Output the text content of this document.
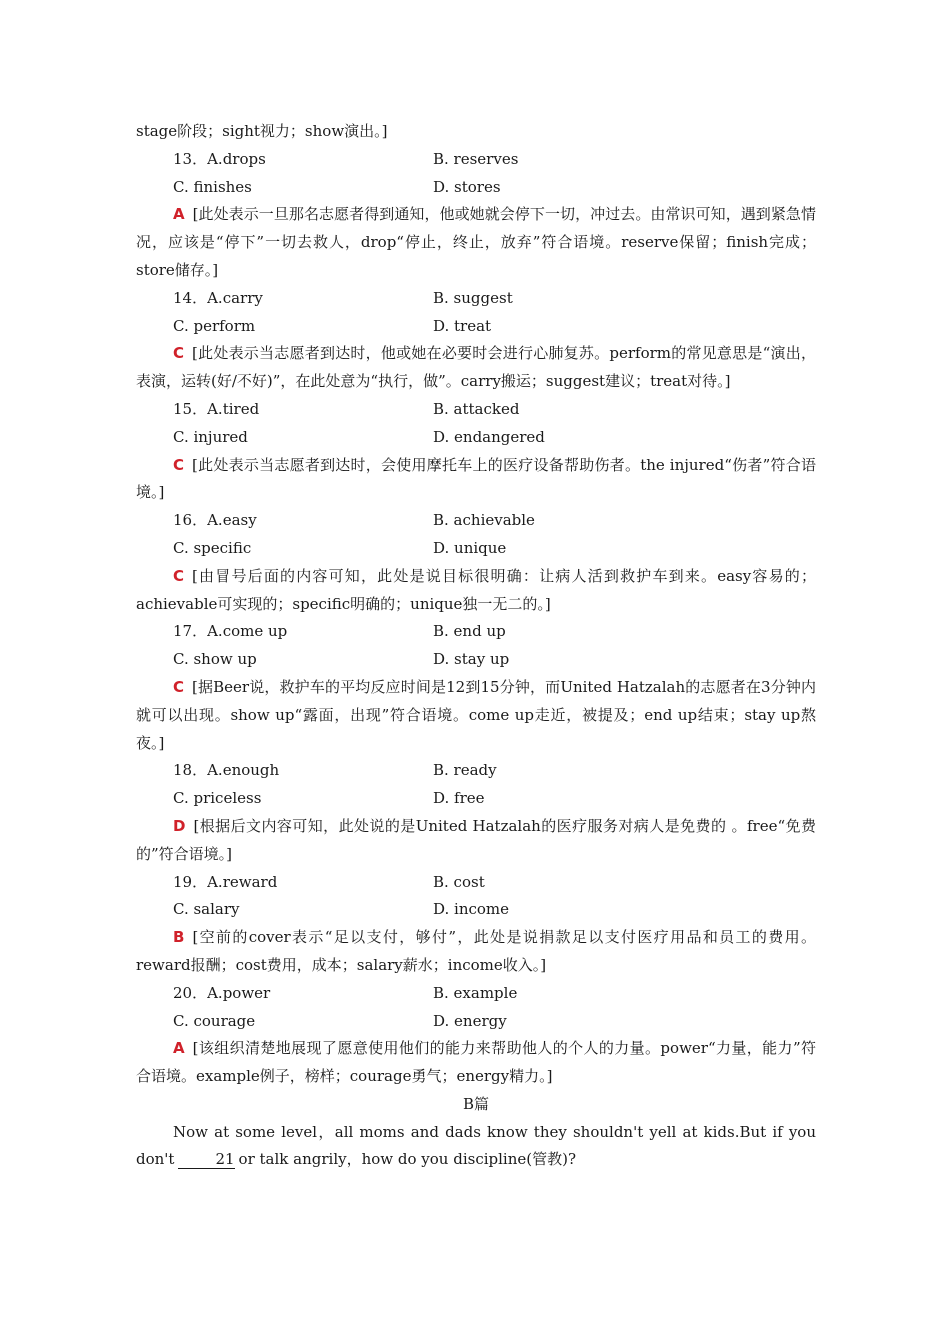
stage阶段；sight视力；show演出。]
13．A.drops	B. reserves
C. finishes	D. stores
A [此处表示一旦那名志愿者得到通知，他或她就会停下一切，冲过去。由常识可知，遇到紧急情况，应该是“停下”一切去救人，drop“停止，终止，放弃”符合语境。reserve保留；finish完成；store储存。]
14．A.carry	B. suggest
C. perform	D. treat
C [此处表示当志愿者到达时，他或她在必要时会进行心肺复苏。perform的常见意思是“演出，表演，运转(好/不好)”，在此处意为“执行，做”。carry搬运；suggest建议；treat对待。]
15．A.tired	B. attacked
C. injured	D. endangered
C [此处表示当志愿者到达时，会使用摩托车上的医疗设备帮助伤者。the injured“伤者”符合语境。]
16．A.easy	B. achievable
C. specific	D. unique
C [由冒号后面的内容可知，此处是说目标很明确：让病人活到救护车到来。easy容易的；achievable可实现的；specific明确的；unique独一无二的。]
17．A.come up	B. end up
C. show up	D. stay up
C [据Beer说，救护车的平均反应时间是12到15分钟，而United Hatzalah的志愿者在3分钟内就可以出现。show up“露面，出现”符合语境。come up走近，被提及；end up结束；stay up熬夜。]
18．A.enough	B. ready
C. priceless	D. free
D [根据后文内容可知，此处说的是United Hatzalah的医疗服务对病人是免费的 。free“免费的”符合语境。]
19．A.reward	B. cost
C. salary	D. income
B [空前的cover表示“足以支付，够付”，此处是说捐款足以支付医疗用品和员工的费用。reward报酬；cost费用，成本；salary薪水；income收入。]
20．A.power	B. example
C. courage	D. energy
A [该组织清楚地展现了愿意使用他们的能力来帮助他人的个人的力量。power“力量，能力”符合语境。example例子，榜样；courage勇气；energy精力。]
B篇
Now at some level，all moms and dads know they shouldn't yell at kids.But if you don't	21 or talk angrily，how do you discipline(管教)?
